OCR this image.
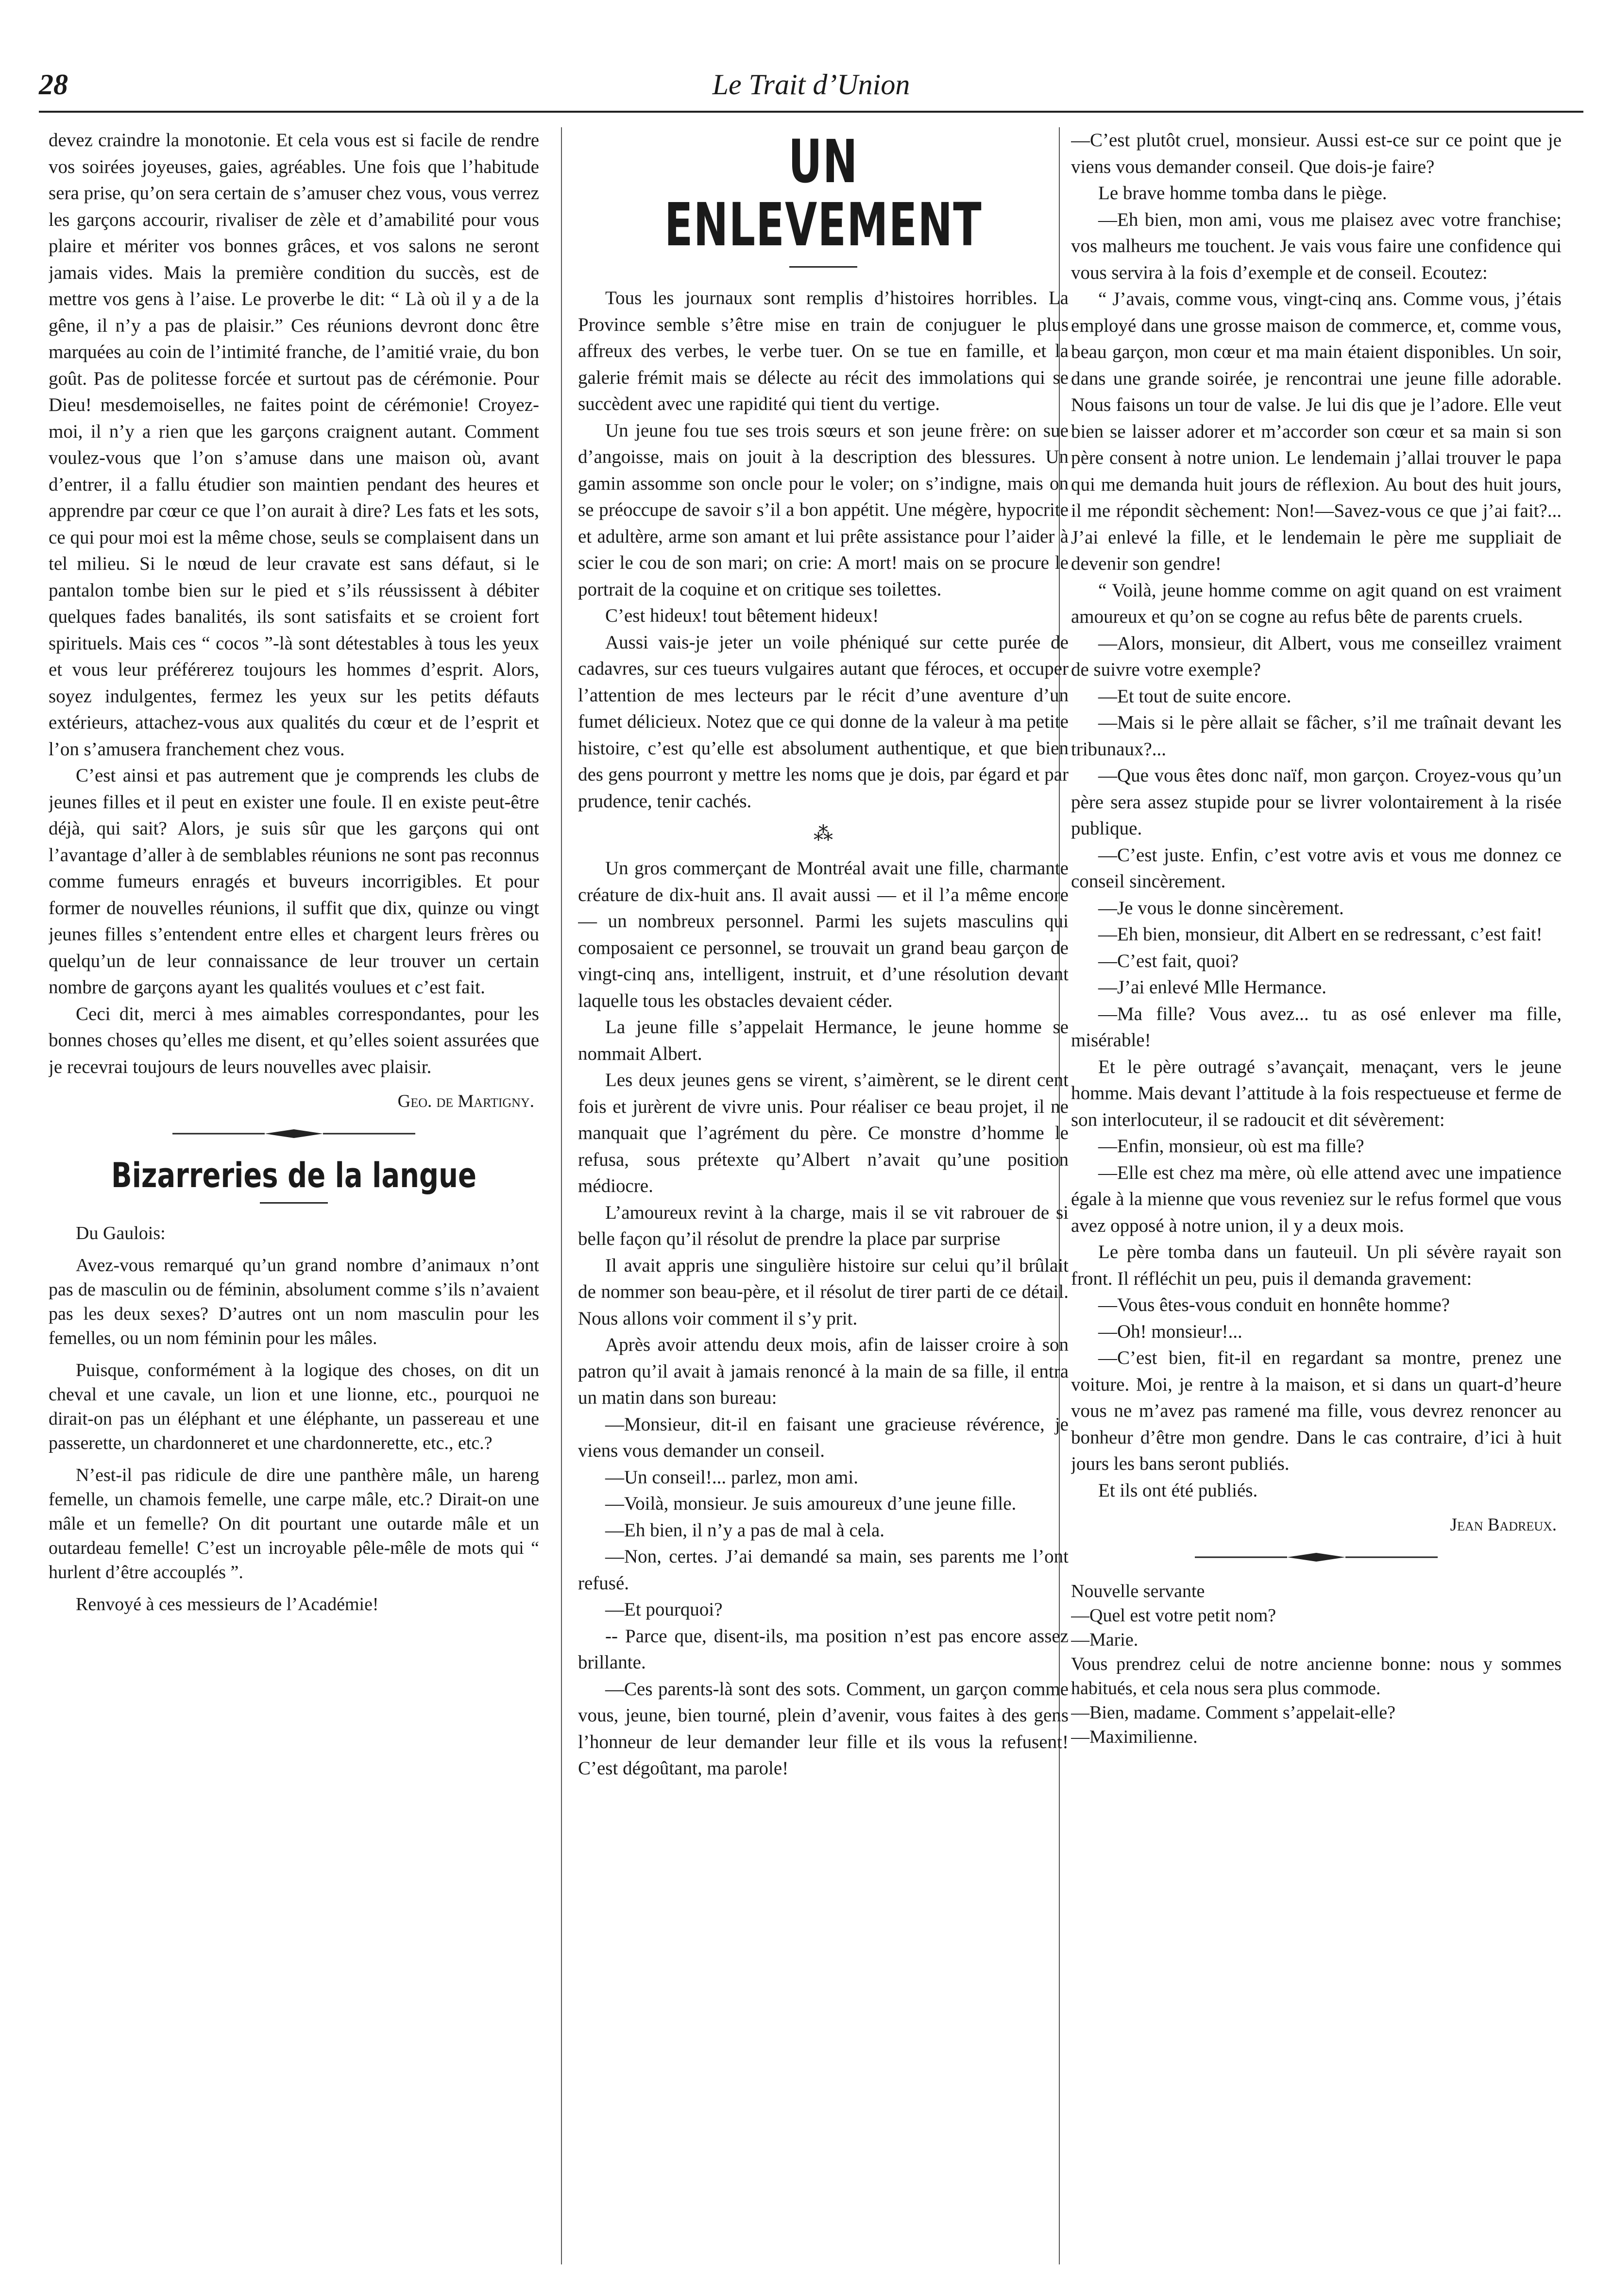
28	Le Trait d’Union

devez craindre la monotonie. Et cela vous est si facile de rendre vos soirées joyeuses, gaies, agréables. Une fois que l’habitude sera prise, qu’on sera certain de s’amuser chez vous, vous verrez les garçons accourir, rivaliser de zèle et d’amabilité pour vous plaire et mériter vos bonnes grâces, et vos salons ne seront jamais vides. Mais la première condition du succès, est de mettre vos gens à l’aise. Le proverbe le dit: “ Là où il y a de la gêne, il n’y a pas de plaisir.” Ces réunions devront donc être marquées au coin de l’intimité franche, de l’amitié vraie, du bon goût. Pas de politesse forcée et surtout pas de cérémonie. Pour Dieu! mesdemoiselles, ne faites point de cérémonie! Croyez-moi, il n’y a rien que les garçons craignent autant. Comment voulez-vous que l’on s’amuse dans une maison où, avant d’entrer, il a fallu étudier son maintien pendant des heures et apprendre par cœur ce que l’on aurait à dire? Les fats et les sots, ce qui pour moi est la même chose, seuls se complaisent dans un tel milieu. Si le nœud de leur cravate est sans défaut, si le pantalon tombe bien sur le pied et s’ils réussissent à débiter quelques fades banalités, ils sont satisfaits et se croient fort spirituels. Mais ces “ cocos ”-là sont détestables à tous les yeux et vous leur préférerez toujours les hommes d’esprit. Alors, soyez indulgentes, fermez les yeux sur les petits défauts extérieurs, attachez-vous aux qualités du cœur et de l’esprit et l’on s’amusera franchement chez vous.

C’est ainsi et pas autrement que je comprends les clubs de jeunes filles et il peut en exister une foule. Il en existe peut-être déjà, qui sait? Alors, je suis sûr que les garçons qui ont l’avantage d’aller à de semblables réunions ne sont pas reconnus comme fumeurs enragés et buveurs incorrigibles. Et pour former de nouvelles réunions, il suffit que dix, quinze ou vingt jeunes filles s’entendent entre elles et chargent leurs frères ou quelqu’un de leur connaissance de leur trouver un certain nombre de garçons ayant les qualités voulues et c’est fait.

Ceci dit, merci à mes aimables correspondantes, pour les bonnes choses qu’elles me disent, et qu’elles soient assurées que je recevrai toujours de leurs nouvelles avec plaisir.

Geo. de Martigny.
Bizarreries de la langue

Du Gaulois:

Avez-vous remarqué qu’un grand nombre d’animaux n’ont pas de masculin ou de féminin, absolument comme s’ils n’avaient pas les deux sexes? D’autres ont un nom masculin pour les femelles, ou un nom féminin pour les mâles.

Puisque, conformément à la logique des choses, on dit un cheval et une cavale, un lion et une lionne, etc., pourquoi ne dirait-on pas un éléphant et une éléphante, un passereau et une passerette, un chardonneret et une chardonnerette, etc., etc.?

N’est-il pas ridicule de dire une panthère mâle, un hareng femelle, un chamois femelle, une carpe mâle, etc.? Dirait-on une mâle et un femelle? On dit pourtant une outarde mâle et un outardeau femelle! C’est un incroyable pêle-mêle de mots qui “ hurlent d’être accouplés ”.

Renvoyé à ces messieurs de l’Académie!

UN ENLEVEMENT

Tous les journaux sont remplis d’histoires horribles. La Province semble s’être mise en train de conjuguer le plus affreux des verbes, le verbe tuer. On se tue en famille, et la galerie frémit mais se délecte au récit des immolations qui se succèdent avec une rapidité qui tient du vertige.

Un jeune fou tue ses trois sœurs et son jeune frère: on sue d’angoisse, mais on jouit à la description des blessures. Un gamin assomme son oncle pour le voler; on s’indigne, mais on se préoccupe de savoir s’il a bon appétit. Une mégère, hypocrite et adultère, arme son amant et lui prête assistance pour l’aider à scier le cou de son mari; on crie: A mort! mais on se procure le portrait de la coquine et on critique ses toilettes.

C’est hideux! tout bêtement hideux!

Aussi vais-je jeter un voile phéniqué sur cette purée de cadavres, sur ces tueurs vulgaires autant que féroces, et occuper l’attention de mes lecteurs par le récit d’une aventure d’un fumet délicieux. Notez que ce qui donne de la valeur à ma petite histoire, c’est qu’elle est absolument authentique, et que bien des gens pourront y mettre les noms que je dois, par égard et par prudence, tenir cachés.

⁂

Un gros commerçant de Montréal avait une fille, charmante créature de dix-huit ans. Il avait aussi — et il l’a même encore — un nombreux personnel. Parmi les sujets masculins qui composaient ce personnel, se trouvait un grand beau garçon de vingt-cinq ans, intelligent, instruit, et d’une résolution devant laquelle tous les obstacles devaient céder.

La jeune fille s’appelait Hermance, le jeune homme se nommait Albert.

Les deux jeunes gens se virent, s’aimèrent, se le dirent cent fois et jurèrent de vivre unis. Pour réaliser ce beau projet, il ne manquait que l’agrément du père. Ce monstre d’homme le refusa, sous prétexte qu’Albert n’avait qu’une position médiocre.

L’amoureux revint à la charge, mais il se vit rabrouer de si belle façon qu’il résolut de prendre la place par surprise

Il avait appris une singulière histoire sur celui qu’il brûlait de nommer son beau-père, et il résolut de tirer parti de ce détail. Nous allons voir comment il s’y prit.

Après avoir attendu deux mois, afin de laisser croire à son patron qu’il avait à jamais renoncé à la main de sa fille, il entra un matin dans son bureau:

—Monsieur, dit-il en faisant une gracieuse révérence, je viens vous demander un conseil.

—Un conseil!... parlez, mon ami.

—Voilà, monsieur. Je suis amoureux d’une jeune fille.

—Eh bien, il n’y a pas de mal à cela.

—Non, certes. J’ai demandé sa main, ses parents me l’ont refusé.

—Et pourquoi?

-- Parce que, disent-ils, ma position n’est pas encore assez brillante.

—Ces parents-là sont des sots. Comment, un garçon comme vous, jeune, bien tourné, plein d’avenir, vous faites à des gens l’honneur de leur demander leur fille et ils vous la refusent! C’est dégoûtant, ma parole!

—C’est plutôt cruel, monsieur. Aussi est-ce sur ce point que je viens vous demander conseil. Que dois-je faire?

Le brave homme tomba dans le piège.

—Eh bien, mon ami, vous me plaisez avec votre franchise; vos malheurs me touchent. Je vais vous faire une confidence qui vous servira à la fois d’exemple et de conseil. Ecoutez:

“ J’avais, comme vous, vingt-cinq ans. Comme vous, j’étais employé dans une grosse maison de commerce, et, comme vous, beau garçon, mon cœur et ma main étaient disponibles. Un soir, dans une grande soirée, je rencontrai une jeune fille adorable. Nous faisons un tour de valse. Je lui dis que je l’adore. Elle veut bien se laisser adorer et m’accorder son cœur et sa main si son père consent à notre union. Le lendemain j’allai trouver le papa qui me demanda huit jours de réflexion. Au bout des huit jours, il me répondit sèchement: Non!—Savez-vous ce que j’ai fait?... J’ai enlevé la fille, et le lendemain le père me suppliait de devenir son gendre!

“ Voilà, jeune homme comme on agit quand on est vraiment amoureux et qu’on se cogne au refus bête de parents cruels.

—Alors, monsieur, dit Albert, vous me conseillez vraiment de suivre votre exemple?

—Et tout de suite encore.

—Mais si le père allait se fâcher, s’il me traînait devant les tribunaux?...

—Que vous êtes donc naïf, mon garçon. Croyez-vous qu’un père sera assez stupide pour se livrer volontairement à la risée publique.

—C’est juste. Enfin, c’est votre avis et vous me donnez ce conseil sincèrement.

—Je vous le donne sincèrement.

—Eh bien, monsieur, dit Albert en se redressant, c’est fait!

—C’est fait, quoi?

—J’ai enlevé Mlle Hermance.

—Ma fille? Vous avez... tu as osé enlever ma fille, misérable!

Et le père outragé s’avançait, menaçant, vers le jeune homme. Mais devant l’attitude à la fois respectueuse et ferme de son interlocuteur, il se radoucit et dit sévèrement:

—Enfin, monsieur, où est ma fille?

—Elle est chez ma mère, où elle attend avec une impatience égale à la mienne que vous reveniez sur le refus formel que vous avez opposé à notre union, il y a deux mois.

Le père tomba dans un fauteuil. Un pli sévère rayait son front. Il réfléchit un peu, puis il demanda gravement:

—Vous êtes-vous conduit en honnête homme?

—Oh! monsieur!...

—C’est bien, fit-il en regardant sa montre, prenez une voiture. Moi, je rentre à la maison, et si dans un quart-d’heure vous ne m’avez pas ramené ma fille, vous devrez renoncer au bonheur d’être mon gendre. Dans le cas contraire, d’ici à huit jours les bans seront publiés.

Et ils ont été publiés.

Jean Badreux.

Nouvelle servante

—Quel est votre petit nom?

—Marie.

Vous prendrez celui de notre ancienne bonne: nous y sommes habitués, et cela nous sera plus commode.

—Bien, madame. Comment s’appelait-elle?

—Maximilienne.
